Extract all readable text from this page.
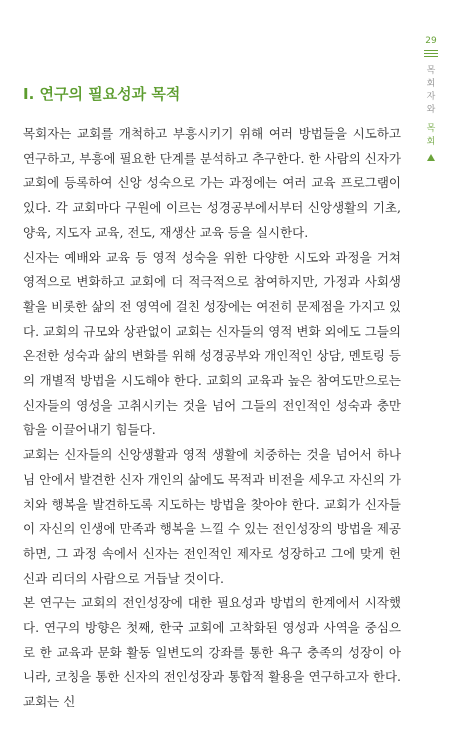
29
목
회
자
와
목
회
Ⅰ. 연구의 필요성과 목적

목회자는 교회를 개척하고 부흥시키기 위해 여러 방법들을 시도하고 연구하고, 부흥에 필요한 단계를 분석하고 추구한다. 한 사람의 신자가 교회에 등록하여 신앙 성숙으로 가는 과정에는 여러 교육 프로그램이 있다. 각 교회마다 구원에 이르는 성경공부에서부터 신앙생활의 기초, 양육, 지도자 교육, 전도, 재생산 교육 등을 실시한다.

신자는 예배와 교육 등 영적 성숙을 위한 다양한 시도와 과정을 거쳐 영적으로 변화하고 교회에 더 적극적으로 참여하지만, 가정과 사회생활을 비롯한 삶의 전 영역에 걸친 성장에는 여전히 문제점을 가지고 있다. 교회의 규모와 상관없이 교회는 신자들의 영적 변화 외에도 그들의 온전한 성숙과 삶의 변화를 위해 성경공부와 개인적인 상담, 멘토링 등의 개별적 방법을 시도해야 한다. 교회의 교육과 높은 참여도만으로는 신자들의 영성을 고취시키는 것을 넘어 그들의 전인적인 성숙과 충만함을 이끌어내기 힘들다.

교회는 신자들의 신앙생활과 영적 생활에 치중하는 것을 넘어서 하나님 안에서 발견한 신자 개인의 삶에도 목적과 비전을 세우고 자신의 가치와 행복을 발견하도록 지도하는 방법을 찾아야 한다. 교회가 신자들이 자신의 인생에 만족과 행복을 느낄 수 있는 전인성장의 방법을 제공하면, 그 과정 속에서 신자는 전인적인 제자로 성장하고 그에 맞게 헌신과 리더의 사람으로 거듭날 것이다.

본 연구는 교회의 전인성장에 대한 필요성과 방법의 한계에서 시작했다. 연구의 방향은 첫째, 한국 교회에 고착화된 영성과 사역을 중심으로 한 교육과 문화 활동 일변도의 강좌를 통한 욕구 충족의 성장이 아니라, 코칭을 통한 신자의 전인성장과 통합적 활용을 연구하고자 한다. 교회는 신
